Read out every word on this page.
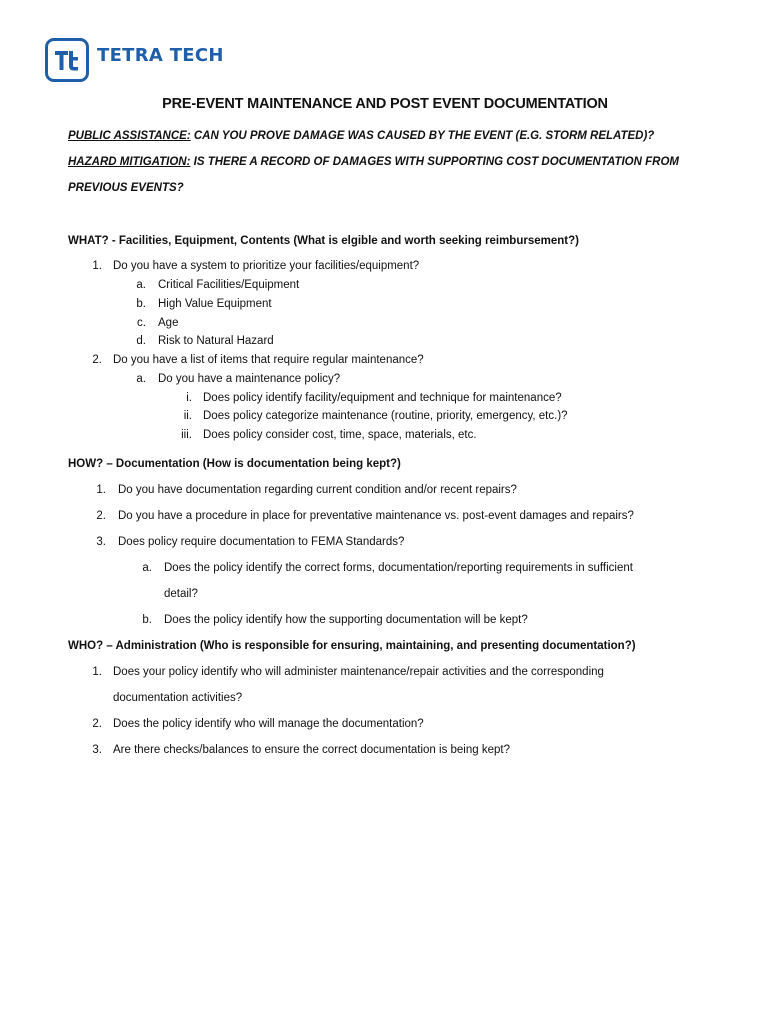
TETRA TECH
PRE-EVENT MAINTENANCE AND POST EVENT DOCUMENTATION
PUBLIC ASSISTANCE: CAN YOU PROVE DAMAGE WAS CAUSED BY THE EVENT (E.G. STORM RELATED)?
HAZARD MITIGATION: IS THERE A RECORD OF DAMAGES WITH SUPPORTING COST DOCUMENTATION FROM
PREVIOUS EVENTS?
WHAT? - Facilities, Equipment, Contents (What is elgible and worth seeking reimbursement?)
1. Do you have a system to prioritize your facilities/equipment?
a. Critical Facilities/Equipment
b. High Value Equipment
c. Age
d. Risk to Natural Hazard
2. Do you have a list of items that require regular maintenance?
a. Do you have a maintenance policy?
i. Does policy identify facility/equipment and technique for maintenance?
ii. Does policy categorize maintenance (routine, priority, emergency, etc.)?
iii. Does policy consider cost, time, space, materials, etc.
HOW? – Documentation (How is documentation being kept?)
1. Do you have documentation regarding current condition and/or recent repairs?
2. Do you have a procedure in place for preventative maintenance vs. post-event damages and repairs?
3. Does policy require documentation to FEMA Standards?
a. Does the policy identify the correct forms, documentation/reporting requirements in sufficient
detail?
b. Does the policy identify how the supporting documentation will be kept?
WHO? – Administration (Who is responsible for ensuring, maintaining, and presenting documentation?)
1. Does your policy identify who will administer maintenance/repair activities and the corresponding
documentation activities?
2. Does the policy identify who will manage the documentation?
3. Are there checks/balances to ensure the correct documentation is being kept?
